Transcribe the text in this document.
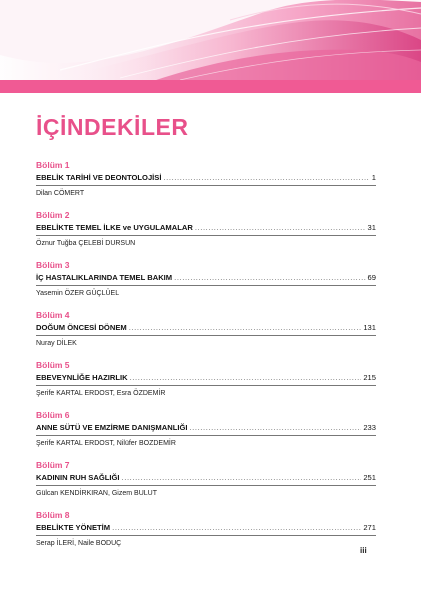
İÇİNDEKİLER
Bölüm 1
EBELİK TARİHİ VE DEONTOLOJİSİ .....	1
Dilan CÖMERT
Bölüm 2
EBELİKTE TEMEL İLKE ve UYGULAMALAR .....	31
Öznur Tuğba ÇELEBİ DURSUN
Bölüm 3
İÇ HASTALIKLARINDA TEMEL BAKIM .....	69
Yasemin ÖZER GÜÇLÜEL
Bölüm 4
DOĞUM ÖNCESİ DÖNEM .....	131
Nuray DİLEK
Bölüm 5
EBEVEYNLİĞE HAZIRLIK .....	215
Şerife KARTAL ERDOST, Esra ÖZDEMİR
Bölüm 6
ANNE SÜTÜ VE EMZİRME DANIŞMANLIĞI .....	233
Şerife KARTAL ERDOST, Nilüfer BOZDEMİR
Bölüm 7
KADININ RUH SAĞLIĞI .....	251
Gülcan KENDİRKIRAN, Gizem BULUT
Bölüm 8
EBELİKTE YÖNETİM .....	271
Serap İLERİ, Naile BODUÇ
iii
